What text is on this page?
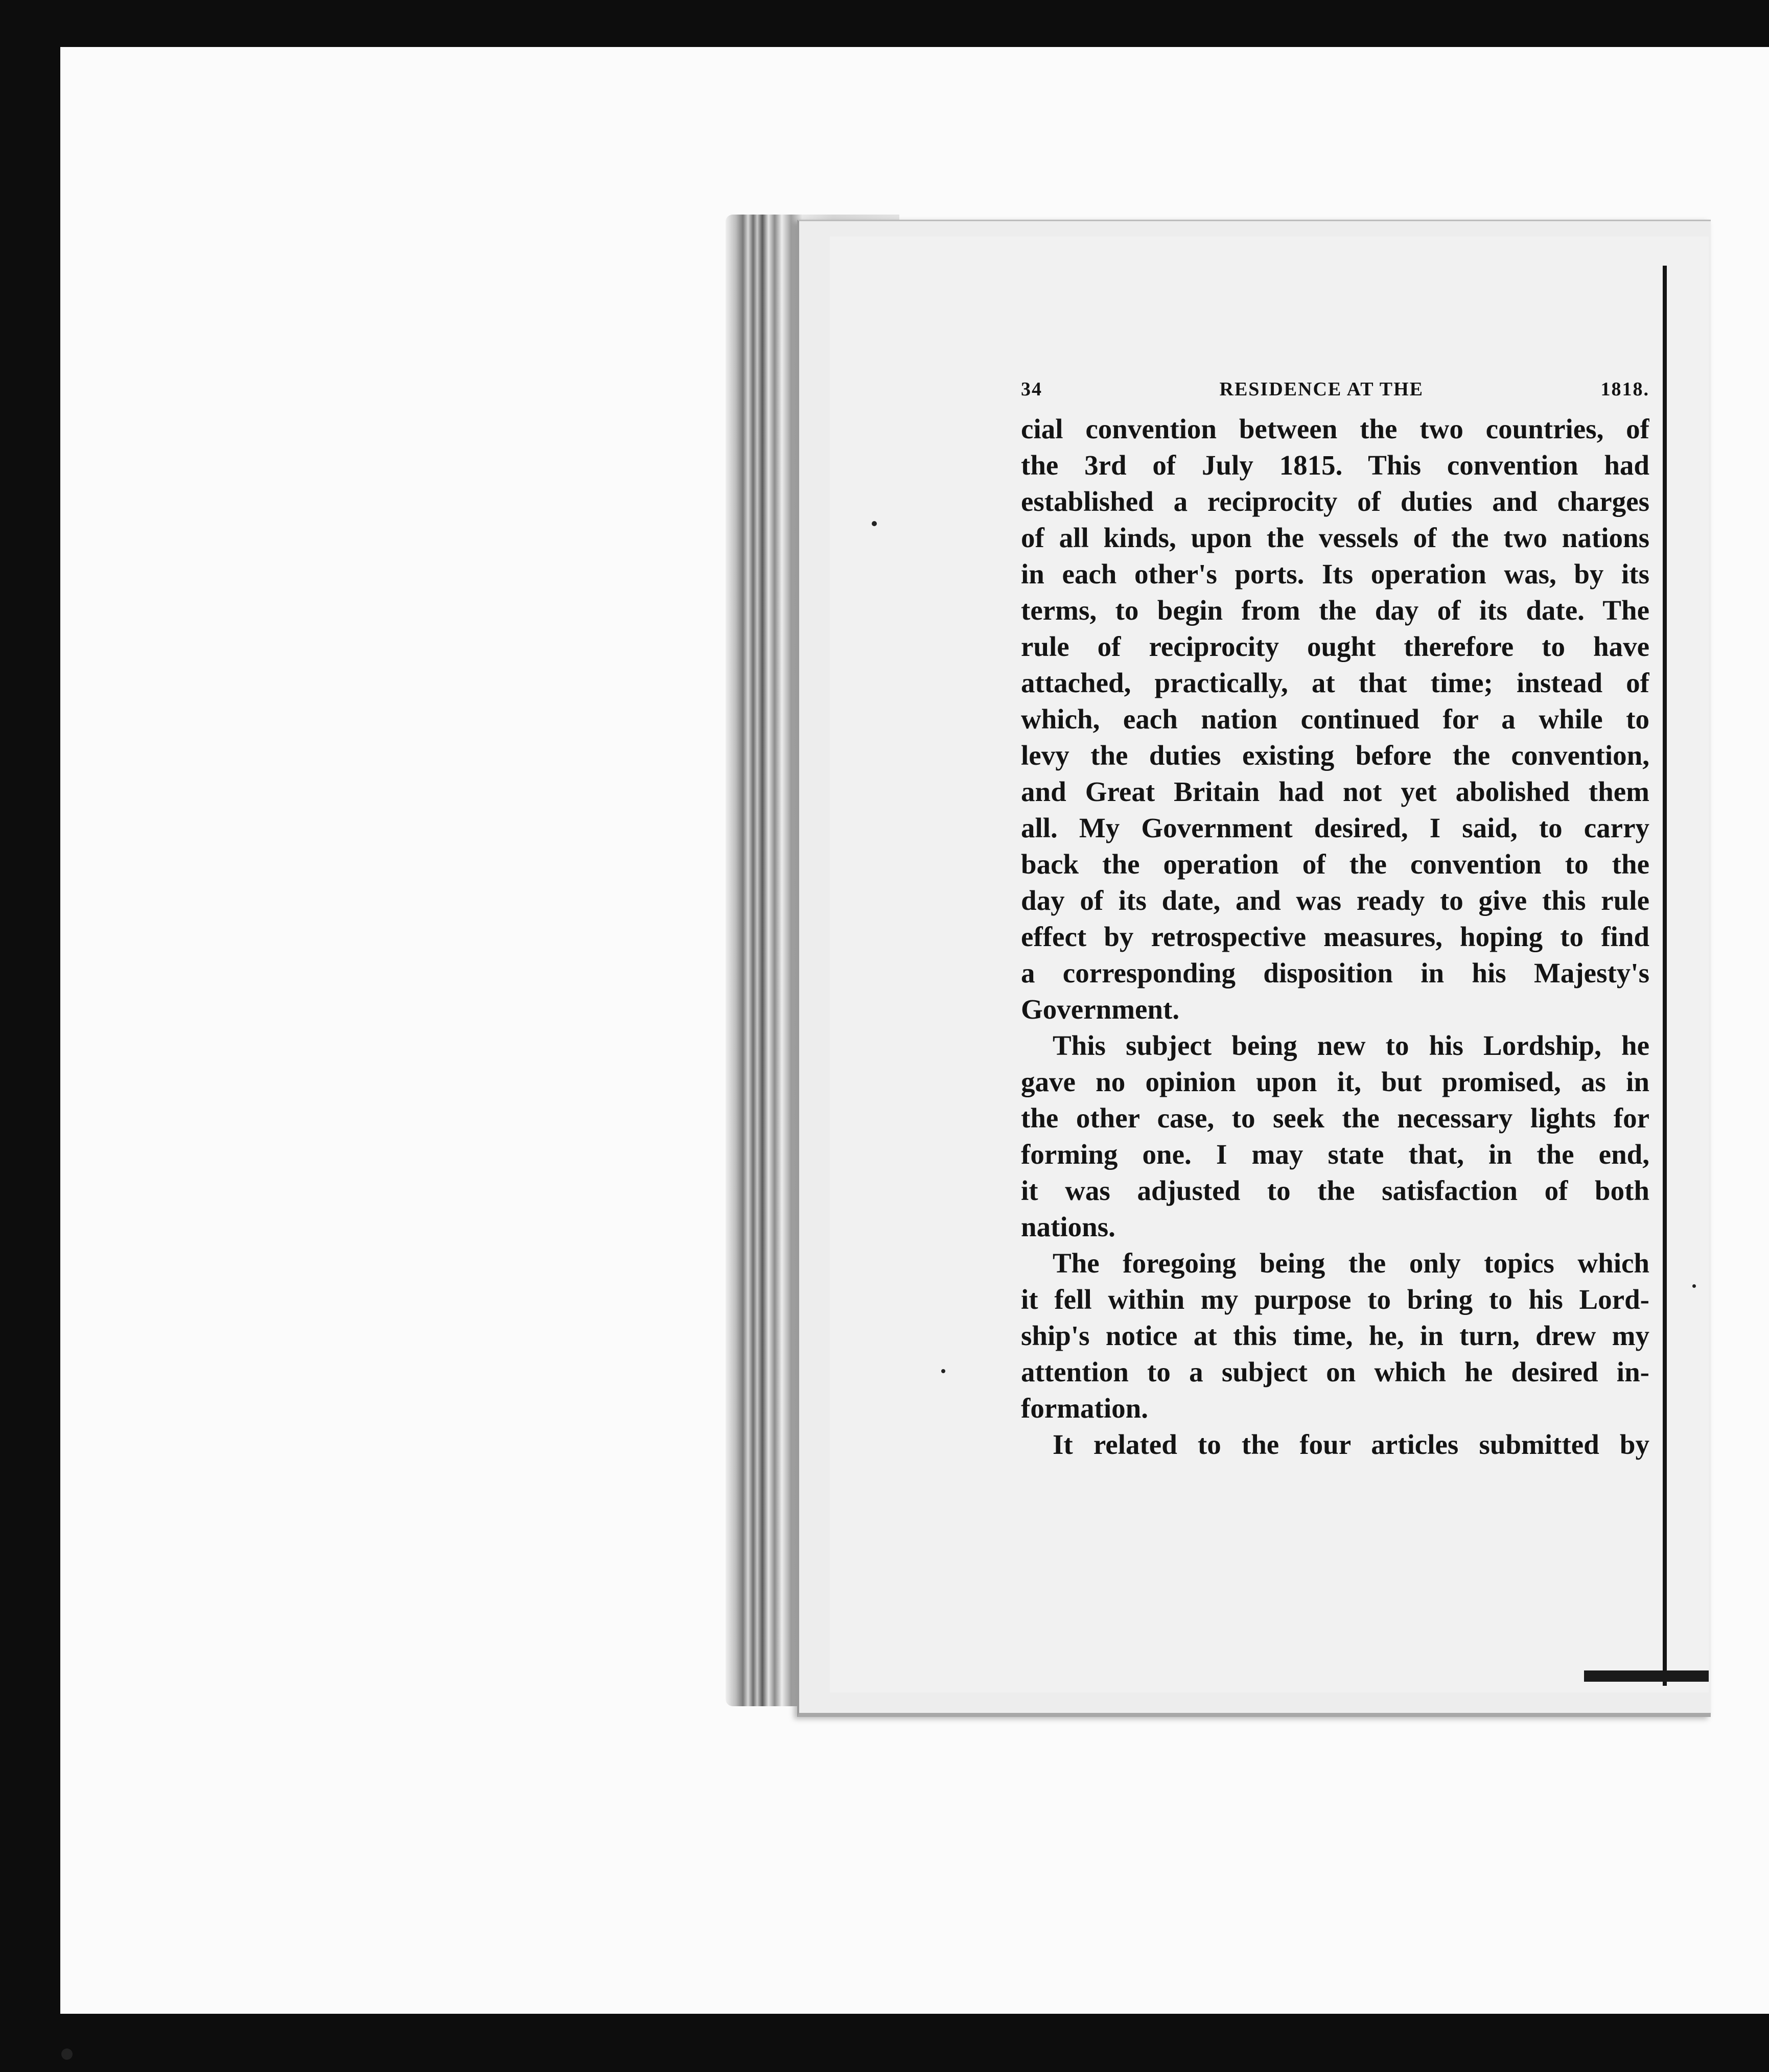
34	RESIDENCE AT THE	1818.
cial convention between the two countries, of
the 3rd of July 1815. This convention had
established a reciprocity of duties and charges
of all kinds, upon the vessels of the two nations
in each other's ports. Its operation was, by its
terms, to begin from the day of its date. The
rule of reciprocity ought therefore to have
attached, practically, at that time; instead of
which, each nation continued for a while to
levy the duties existing before the convention,
and Great Britain had not yet abolished them
all. My Government desired, I said, to carry
back the operation of the convention to the
day of its date, and was ready to give this rule
effect by retrospective measures, hoping to find
a corresponding disposition in his Majesty's
Government.
This subject being new to his Lordship, he
gave no opinion upon it, but promised, as in
the other case, to seek the necessary lights for
forming one. I may state that, in the end,
it was adjusted to the satisfaction of both
nations.
The foregoing being the only topics which
it fell within my purpose to bring to his Lord-
ship's notice at this time, he, in turn, drew my
attention to a subject on which he desired in-
formation.
It related to the four articles submitted by
